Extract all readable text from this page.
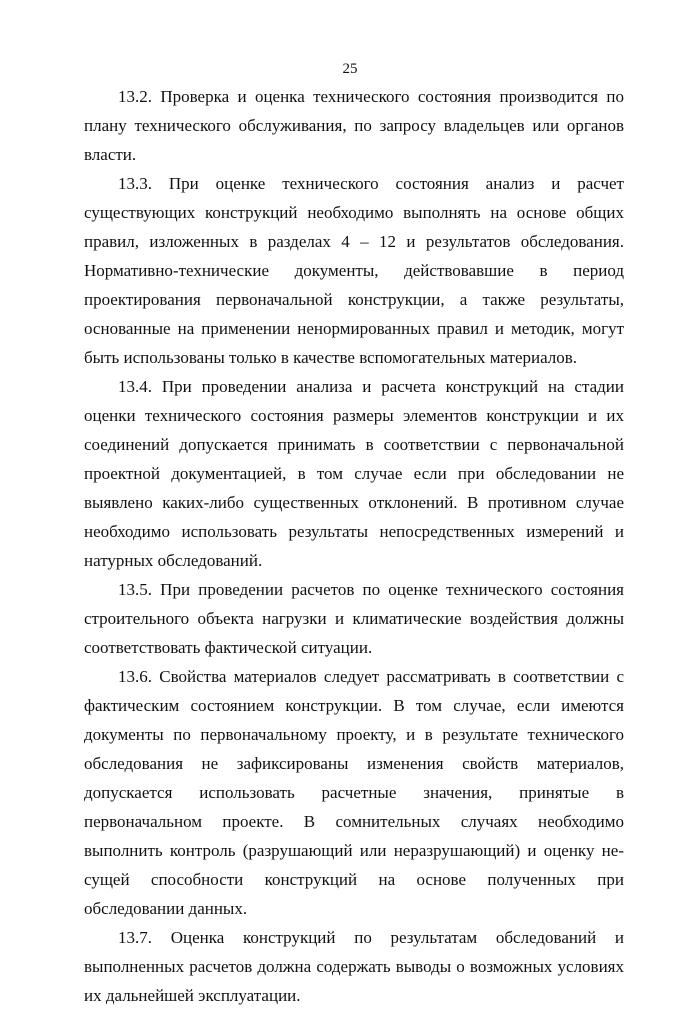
25

13.2. Проверка и оценка технического состояния производится по плану технического обслуживания, по запросу владельцев или органов власти.

13.3. При оценке технического состояния анализ и расчет существующих конструкций необходимо выполнять на основе общих правил, изложенных в разделах 4 – 12 и результатов обследования. Нормативно-технические документы, действовавшие в период проектирования первоначальной конструкции, а также результаты, основанные на применении ненормированных правил и методик, могут быть использованы только в качестве вспомогательных материалов.

13.4. При проведении анализа и расчета конструкций на стадии оценки технического состояния размеры элементов конструкции и их соединений допускается принимать в соответствии с первоначальной проектной документацией, в том случае если при обследовании не выявлено каких-либо существенных отклонений. В противном случае необходимо использовать результаты непосредственных измерений и натурных обследований.

13.5. При проведении расчетов по оценке технического состояния строительного объекта нагрузки и климатические воздействия должны соответствовать фактической ситуации.

13.6. Свойства материалов следует рассматривать в соответствии с фактическим состоянием конструкции. В том случае, если имеются документы по первоначальному проекту, и в результате технического обследования не зафиксированы изменения свойств материалов, допускается использовать расчетные значения, принятые в первоначальном проекте. В сомнительных случаях необходимо выполнить контроль (разрушающий или неразрушающий) и оценку несущей способности конструкций на основе полученных при обследовании данных.

13.7. Оценка конструкций по результатам обследований и выполненных расчетов должна содержать выводы о возможных условиях их дальнейшей эксплуатации.
